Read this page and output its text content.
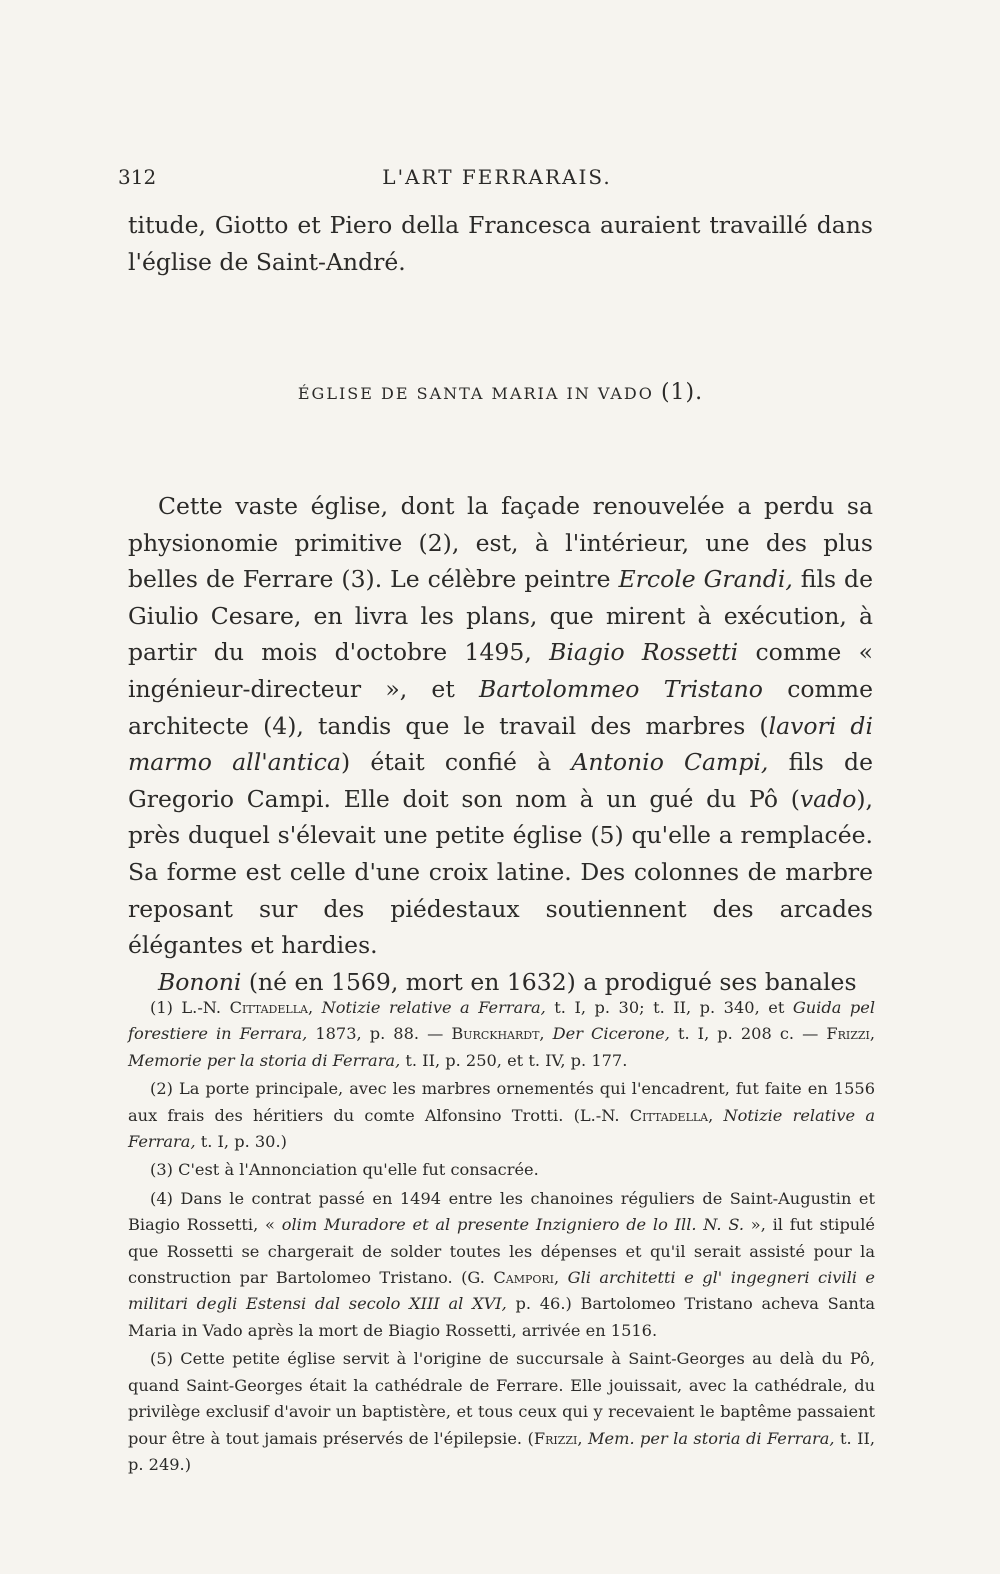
312	L'ART FERRARAIS.

titude, Giotto et Piero della Francesca auraient travaillé dans l'église de Saint-André.

ÉGLISE DE SANTA MARIA IN VADO (1).

Cette vaste église, dont la façade renouvelée a perdu sa physionomie primitive (2), est, à l'intérieur, une des plus belles de Ferrare (3). Le célèbre peintre Ercole Grandi, fils de Giulio Cesare, en livra les plans, que mirent à exécution, à partir du mois d'octobre 1495, Biagio Rossetti comme « ingénieur-directeur », et Bartolommeo Tristano comme architecte (4), tandis que le travail des marbres (lavori di marmo all'antica) était confié à Antonio Campi, fils de Gregorio Campi. Elle doit son nom à un gué du Pô (vado), près duquel s'élevait une petite église (5) qu'elle a remplacée. Sa forme est celle d'une croix latine. Des colonnes de marbre reposant sur des piédestaux soutiennent des arcades élégantes et hardies.

Bononi (né en 1569, mort en 1632) a prodigué ses banales

(1) L.-N. Cittadella, Notizie relative a Ferrara, t. I, p. 30; t. II, p. 340, et Guida pel forestiere in Ferrara, 1873, p. 88. — Burckhardt, Der Cicerone, t. I, p. 208 c. — Frizzi, Memorie per la storia di Ferrara, t. II, p. 250, et t. IV, p. 177.

(2) La porte principale, avec les marbres ornementés qui l'encadrent, fut faite en 1556 aux frais des héritiers du comte Alfonsino Trotti. (L.-N. Cittadella, Notizie relative a Ferrara, t. I, p. 30.)

(3) C'est à l'Annonciation qu'elle fut consacrée.

(4) Dans le contrat passé en 1494 entre les chanoines réguliers de Saint-Augustin et Biagio Rossetti, « olim Muradore et al presente Inzigniero de lo Ill. N. S. », il fut stipulé que Rossetti se chargerait de solder toutes les dépenses et qu'il serait assisté pour la construction par Bartolomeo Tristano. (G. Campori, Gli architetti e gl' ingegneri civili e militari degli Estensi dal secolo XIII al XVI, p. 46.) Bartolomeo Tristano acheva Santa Maria in Vado après la mort de Biagio Rossetti, arrivée en 1516.

(5) Cette petite église servit à l'origine de succursale à Saint-Georges au delà du Pô, quand Saint-Georges était la cathédrale de Ferrare. Elle jouissait, avec la cathédrale, du privilège exclusif d'avoir un baptistère, et tous ceux qui y recevaient le baptême passaient pour être à tout jamais préservés de l'épilepsie. (Frizzi, Mem. per la storia di Ferrara, t. II, p. 249.)
